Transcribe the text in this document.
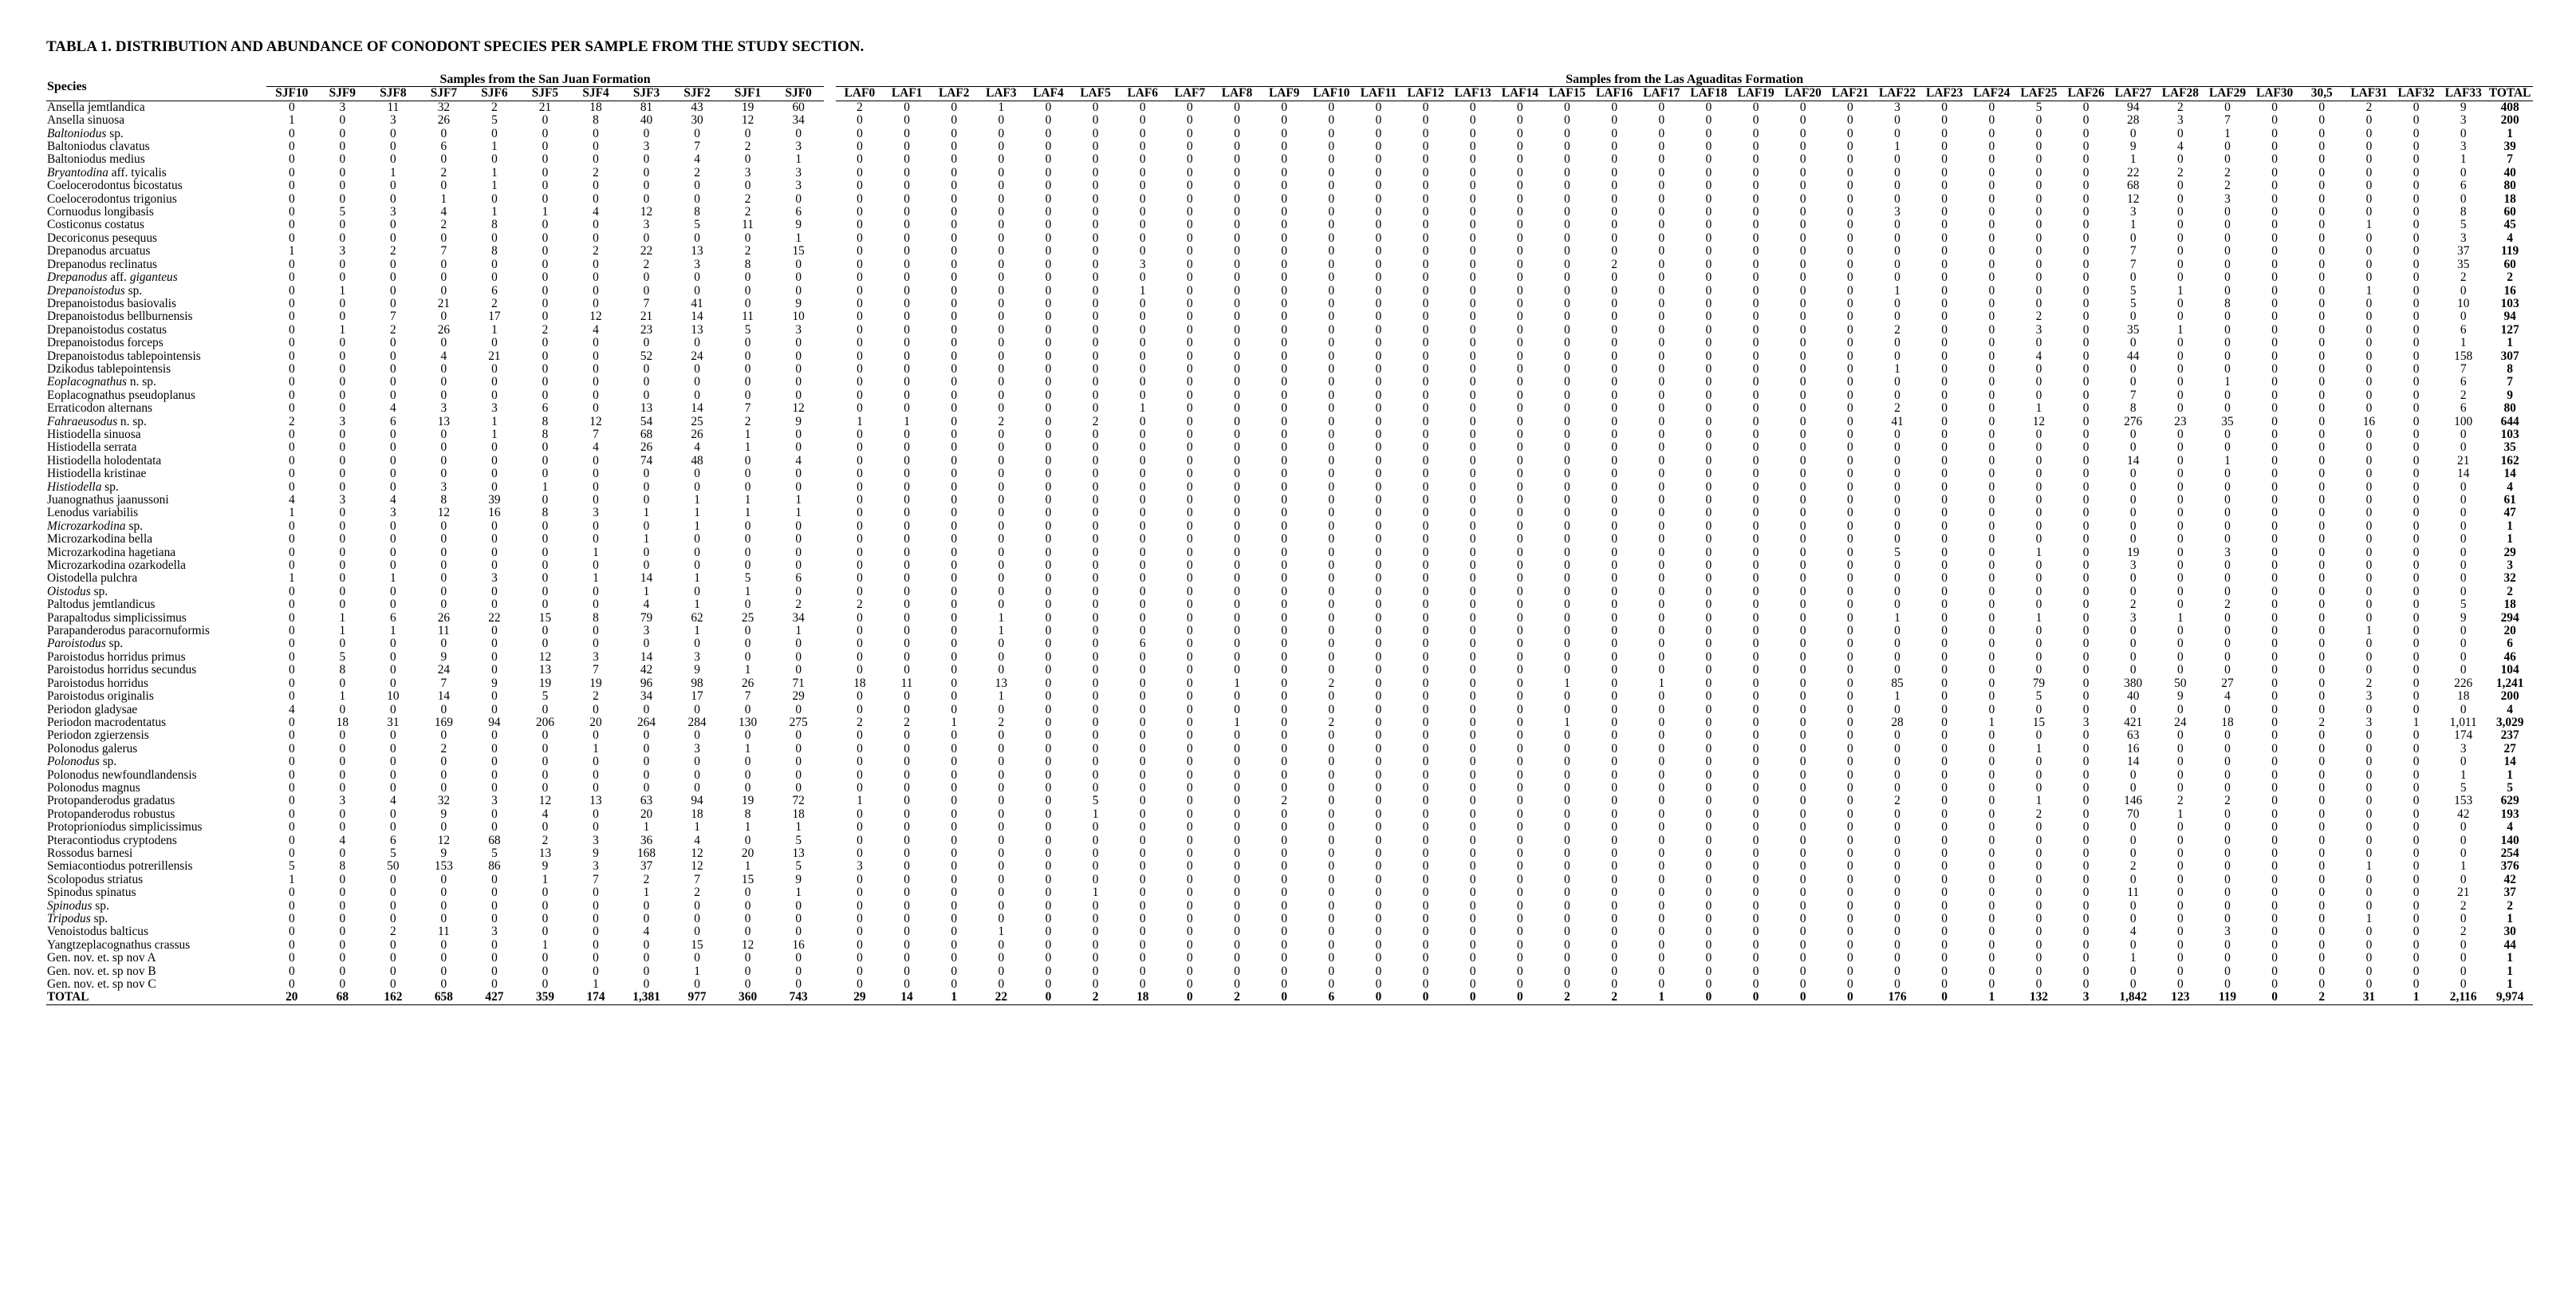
TABLA 1. DISTRIBUTION AND ABUNDANCE OF CONODONT SPECIES PER SAMPLE FROM THE STUDY SECTION.
Species	Samples from the San Juan Formation												Samples from the Las Aguaditas Formation																																			
	SJF10	SJF9	SJF8	SJF7	SJF6	SJF5	SJF4	SJF3	SJF2	SJF1	SJF0		LAF0	LAF1	LAF2	LAF3	LAF4	LAF5	LAF6	LAF7	LAF8	LAF9	LAF10	LAF11	LAF12	LAF13	LAF14	LAF15	LAF16	LAF17	LAF18	LAF19	LAF20	LAF21	LAF22	LAF23	LAF24	LAF25	LAF26	LAF27	LAF28	LAF29	LAF30	30,5	LAF31	LAF32	LAF33	TOTAL
Ansella jemtlandica	0	3	11	32	2	21	18	81	43	19	60		2	0	0	1	0	0	0	0	0	0	0	0	0	0	0	0	0	0	0	0	0	0	3	0	0	5	0	94	2	0	0	0	2	0	9	408
Ansella sinuosa	1	0	3	26	5	0	8	40	30	12	34		0	0	0	0	0	0	0	0	0	0	0	0	0	0	0	0	0	0	0	0	0	0	0	0	0	0	0	28	3	7	0	0	0	0	3	200
Baltoniodus sp.	0	0	0	0	0	0	0	0	0	0	0		0	0	0	0	0	0	0	0	0	0	0	0	0	0	0	0	0	0	0	0	0	0	0	0	0	0	0	0	0	1	0	0	0	0	0	1
Baltoniodus clavatus	0	0	0	6	1	0	0	3	7	2	3		0	0	0	0	0	0	0	0	0	0	0	0	0	0	0	0	0	0	0	0	0	0	1	0	0	0	0	9	4	0	0	0	0	0	3	39
Baltoniodus medius	0	0	0	0	0	0	0	0	4	0	1		0	0	0	0	0	0	0	0	0	0	0	0	0	0	0	0	0	0	0	0	0	0	0	0	0	0	0	1	0	0	0	0	0	0	1	7
Bryantodina aff. tyicalis	0	0	1	2	1	0	2	0	2	3	3		0	0	0	0	0	0	0	0	0	0	0	0	0	0	0	0	0	0	0	0	0	0	0	0	0	0	0	22	2	2	0	0	0	0	0	40
Coelocerodontus bicostatus	0	0	0	0	1	0	0	0	0	0	3		0	0	0	0	0	0	0	0	0	0	0	0	0	0	0	0	0	0	0	0	0	0	0	0	0	0	0	68	0	2	0	0	0	0	6	80
Coelocerodontus trigonius	0	0	0	1	0	0	0	0	0	2	0		0	0	0	0	0	0	0	0	0	0	0	0	0	0	0	0	0	0	0	0	0	0	0	0	0	0	0	12	0	3	0	0	0	0	0	18
Cornuodus longibasis	0	5	3	4	1	1	4	12	8	2	6		0	0	0	0	0	0	0	0	0	0	0	0	0	0	0	0	0	0	0	0	0	0	3	0	0	0	0	3	0	0	0	0	0	0	8	60
Costiconus costatus	0	0	0	2	8	0	0	3	5	11	9		0	0	0	0	0	0	0	0	0	0	0	0	0	0	0	0	0	0	0	0	0	0	0	0	0	0	0	1	0	0	0	0	1	0	5	45
Decoriconus pesequus	0	0	0	0	0	0	0	0	0	0	1		0	0	0	0	0	0	0	0	0	0	0	0	0	0	0	0	0	0	0	0	0	0	0	0	0	0	0	0	0	0	0	0	0	0	3	4
Drepanodus arcuatus	1	3	2	7	8	0	2	22	13	2	15		0	0	0	0	0	0	0	0	0	0	0	0	0	0	0	0	0	0	0	0	0	0	0	0	0	0	0	7	0	0	0	0	0	0	37	119
Drepanodus reclinatus	0	0	0	0	0	0	0	2	3	8	0		0	0	0	0	0	0	3	0	0	0	0	0	0	0	0	0	2	0	0	0	0	0	0	0	0	0	0	7	0	0	0	0	0	0	35	60
Drepanodus aff. giganteus	0	0	0	0	0	0	0	0	0	0	0		0	0	0	0	0	0	0	0	0	0	0	0	0	0	0	0	0	0	0	0	0	0	0	0	0	0	0	0	0	0	0	0	0	0	2	2
Drepanoistodus sp.	0	1	0	0	6	0	0	0	0	0	0		0	0	0	0	0	0	1	0	0	0	0	0	0	0	0	0	0	0	0	0	0	0	1	0	0	0	0	5	1	0	0	0	1	0	0	16
Drepanoistodus basiovalis	0	0	0	21	2	0	0	7	41	0	9		0	0	0	0	0	0	0	0	0	0	0	0	0	0	0	0	0	0	0	0	0	0	0	0	0	0	0	5	0	8	0	0	0	0	10	103
Drepanoistodus bellburnensis	0	0	7	0	17	0	12	21	14	11	10		0	0	0	0	0	0	0	0	0	0	0	0	0	0	0	0	0	0	0	0	0	0	0	0	0	2	0	0	0	0	0	0	0	0	0	94
Drepanoistodus costatus	0	1	2	26	1	2	4	23	13	5	3		0	0	0	0	0	0	0	0	0	0	0	0	0	0	0	0	0	0	0	0	0	0	2	0	0	3	0	35	1	0	0	0	0	0	6	127
Drepanoistodus forceps	0	0	0	0	0	0	0	0	0	0	0		0	0	0	0	0	0	0	0	0	0	0	0	0	0	0	0	0	0	0	0	0	0	0	0	0	0	0	0	0	0	0	0	0	0	1	1
Drepanoistodus tablepointensis	0	0	0	4	21	0	0	52	24	0	0		0	0	0	0	0	0	0	0	0	0	0	0	0	0	0	0	0	0	0	0	0	0	0	0	0	4	0	44	0	0	0	0	0	0	158	307
Dzikodus tablepointensis	0	0	0	0	0	0	0	0	0	0	0		0	0	0	0	0	0	0	0	0	0	0	0	0	0	0	0	0	0	0	0	0	0	1	0	0	0	0	0	0	0	0	0	0	0	7	8
Eoplacognathus n. sp.	0	0	0	0	0	0	0	0	0	0	0		0	0	0	0	0	0	0	0	0	0	0	0	0	0	0	0	0	0	0	0	0	0	0	0	0	0	0	0	0	1	0	0	0	0	6	7
Eoplacognathus pseudoplanus	0	0	0	0	0	0	0	0	0	0	0		0	0	0	0	0	0	0	0	0	0	0	0	0	0	0	0	0	0	0	0	0	0	0	0	0	0	0	7	0	0	0	0	0	0	2	9
Erraticodon alternans	0	0	4	3	3	6	0	13	14	7	12		0	0	0	0	0	0	1	0	0	0	0	0	0	0	0	0	0	0	0	0	0	0	2	0	0	1	0	8	0	0	0	0	0	0	6	80
Fahraeusodus n. sp.	2	3	6	13	1	8	12	54	25	2	9		1	1	0	2	0	2	0	0	0	0	0	0	0	0	0	0	0	0	0	0	0	0	41	0	0	12	0	276	23	35	0	0	16	0	100	644
Histiodella sinuosa	0	0	0	0	1	8	7	68	26	1	0		0	0	0	0	0	0	0	0	0	0	0	0	0	0	0	0	0	0	0	0	0	0	0	0	0	0	0	0	0	0	0	0	0	0	0	103
Histiodella serrata	0	0	0	0	0	0	4	26	4	1	0		0	0	0	0	0	0	0	0	0	0	0	0	0	0	0	0	0	0	0	0	0	0	0	0	0	0	0	0	0	0	0	0	0	0	0	35
Histiodella holodentata	0	0	0	0	0	0	0	74	48	0	4		0	0	0	0	0	0	0	0	0	0	0	0	0	0	0	0	0	0	0	0	0	0	0	0	0	0	0	14	0	1	0	0	0	0	21	162
Histiodella kristinae	0	0	0	0	0	0	0	0	0	0	0		0	0	0	0	0	0	0	0	0	0	0	0	0	0	0	0	0	0	0	0	0	0	0	0	0	0	0	0	0	0	0	0	0	0	14	14
Histiodella sp.	0	0	0	3	0	1	0	0	0	0	0		0	0	0	0	0	0	0	0	0	0	0	0	0	0	0	0	0	0	0	0	0	0	0	0	0	0	0	0	0	0	0	0	0	0	0	4
Juanognathus jaanussoni	4	3	4	8	39	0	0	0	1	1	1		0	0	0	0	0	0	0	0	0	0	0	0	0	0	0	0	0	0	0	0	0	0	0	0	0	0	0	0	0	0	0	0	0	0	0	61
Lenodus variabilis	1	0	3	12	16	8	3	1	1	1	1		0	0	0	0	0	0	0	0	0	0	0	0	0	0	0	0	0	0	0	0	0	0	0	0	0	0	0	0	0	0	0	0	0	0	0	47
Microzarkodina sp.	0	0	0	0	0	0	0	0	1	0	0		0	0	0	0	0	0	0	0	0	0	0	0	0	0	0	0	0	0	0	0	0	0	0	0	0	0	0	0	0	0	0	0	0	0	0	1
Microzarkodina bella	0	0	0	0	0	0	0	1	0	0	0		0	0	0	0	0	0	0	0	0	0	0	0	0	0	0	0	0	0	0	0	0	0	0	0	0	0	0	0	0	0	0	0	0	0	0	1
Microzarkodina hagetiana	0	0	0	0	0	0	1	0	0	0	0		0	0	0	0	0	0	0	0	0	0	0	0	0	0	0	0	0	0	0	0	0	0	5	0	0	1	0	19	0	3	0	0	0	0	0	29
Microzarkodina ozarkodella	0	0	0	0	0	0	0	0	0	0	0		0	0	0	0	0	0	0	0	0	0	0	0	0	0	0	0	0	0	0	0	0	0	0	0	0	0	0	3	0	0	0	0	0	0	0	3
Oistodella pulchra	1	0	1	0	3	0	1	14	1	5	6		0	0	0	0	0	0	0	0	0	0	0	0	0	0	0	0	0	0	0	0	0	0	0	0	0	0	0	0	0	0	0	0	0	0	0	32
Oistodus sp.	0	0	0	0	0	0	0	1	0	1	0		0	0	0	0	0	0	0	0	0	0	0	0	0	0	0	0	0	0	0	0	0	0	0	0	0	0	0	0	0	0	0	0	0	0	0	2
Paltodus jemtlandicus	0	0	0	0	0	0	0	4	1	0	2		2	0	0	0	0	0	0	0	0	0	0	0	0	0	0	0	0	0	0	0	0	0	0	0	0	0	0	2	0	2	0	0	0	0	5	18
Parapaltodus simplicissimus	0	1	6	26	22	15	8	79	62	25	34		0	0	0	1	0	0	0	0	0	0	0	0	0	0	0	0	0	0	0	0	0	0	1	0	0	1	0	3	1	0	0	0	0	0	9	294
Parapanderodus paracornuformis	0	1	1	11	0	0	0	3	1	0	1		0	0	0	1	0	0	0	0	0	0	0	0	0	0	0	0	0	0	0	0	0	0	0	0	0	0	0	0	0	0	0	0	1	0	0	20
Paroistodus sp.	0	0	0	0	0	0	0	0	0	0	0		0	0	0	0	0	0	6	0	0	0	0	0	0	0	0	0	0	0	0	0	0	0	0	0	0	0	0	0	0	0	0	0	0	0	0	6
Paroistodus horridus primus	0	5	0	9	0	12	3	14	3	0	0		0	0	0	0	0	0	0	0	0	0	0	0	0	0	0	0	0	0	0	0	0	0	0	0	0	0	0	0	0	0	0	0	0	0	0	46
Paroistodus horridus secundus	0	8	0	24	0	13	7	42	9	1	0		0	0	0	0	0	0	0	0	0	0	0	0	0	0	0	0	0	0	0	0	0	0	0	0	0	0	0	0	0	0	0	0	0	0	0	104
Paroistodus horridus	0	0	0	7	9	19	19	96	98	26	71		18	11	0	13	0	0	0	0	1	0	2	0	0	0	0	1	0	1	0	0	0	0	85	0	0	79	0	380	50	27	0	0	2	0	226	1,241
Paroistodus originalis	0	1	10	14	0	5	2	34	17	7	29		0	0	0	1	0	0	0	0	0	0	0	0	0	0	0	0	0	0	0	0	0	0	1	0	0	5	0	40	9	4	0	0	3	0	18	200
Periodon gladysae	4	0	0	0	0	0	0	0	0	0	0		0	0	0	0	0	0	0	0	0	0	0	0	0	0	0	0	0	0	0	0	0	0	0	0	0	0	0	0	0	0	0	0	0	0	0	4
Periodon macrodentatus	0	18	31	169	94	206	20	264	284	130	275		2	2	1	2	0	0	0	0	1	0	2	0	0	0	0	1	0	0	0	0	0	0	28	0	1	15	3	421	24	18	0	2	3	1	1,011	3,029
Periodon zgierzensis	0	0	0	0	0	0	0	0	0	0	0		0	0	0	0	0	0	0	0	0	0	0	0	0	0	0	0	0	0	0	0	0	0	0	0	0	0	0	63	0	0	0	0	0	0	174	237
Polonodus galerus	0	0	0	2	0	0	1	0	3	1	0		0	0	0	0	0	0	0	0	0	0	0	0	0	0	0	0	0	0	0	0	0	0	0	0	0	1	0	16	0	0	0	0	0	0	3	27
Polonodus sp.	0	0	0	0	0	0	0	0	0	0	0		0	0	0	0	0	0	0	0	0	0	0	0	0	0	0	0	0	0	0	0	0	0	0	0	0	0	0	14	0	0	0	0	0	0	0	14
Polonodus newfoundlandensis	0	0	0	0	0	0	0	0	0	0	0		0	0	0	0	0	0	0	0	0	0	0	0	0	0	0	0	0	0	0	0	0	0	0	0	0	0	0	0	0	0	0	0	0	0	1	1
Polonodus magnus	0	0	0	0	0	0	0	0	0	0	0		0	0	0	0	0	0	0	0	0	0	0	0	0	0	0	0	0	0	0	0	0	0	0	0	0	0	0	0	0	0	0	0	0	0	5	5
Protopanderodus gradatus	0	3	4	32	3	12	13	63	94	19	72		1	0	0	0	0	5	0	0	0	2	0	0	0	0	0	0	0	0	0	0	0	0	2	0	0	1	0	146	2	2	0	0	0	0	153	629
Protopanderodus robustus	0	0	0	9	0	4	0	20	18	8	18		0	0	0	0	0	1	0	0	0	0	0	0	0	0	0	0	0	0	0	0	0	0	0	0	0	2	0	70	1	0	0	0	0	0	42	193
Protoprioniodus simplicissimus	0	0	0	0	0	0	0	1	1	1	1		0	0	0	0	0	0	0	0	0	0	0	0	0	0	0	0	0	0	0	0	0	0	0	0	0	0	0	0	0	0	0	0	0	0	0	4
Pteracontiodus cryptodens	0	4	6	12	68	2	3	36	4	0	5		0	0	0	0	0	0	0	0	0	0	0	0	0	0	0	0	0	0	0	0	0	0	0	0	0	0	0	0	0	0	0	0	0	0	0	140
Rossodus barnesi	0	0	5	9	5	13	9	168	12	20	13		0	0	0	0	0	0	0	0	0	0	0	0	0	0	0	0	0	0	0	0	0	0	0	0	0	0	0	0	0	0	0	0	0	0	0	254
Semiacontiodus potrerillensis	5	8	50	153	86	9	3	37	12	1	5		3	0	0	0	0	0	0	0	0	0	0	0	0	0	0	0	0	0	0	0	0	0	0	0	0	0	0	2	0	0	0	0	1	0	1	376
Scolopodus striatus	1	0	0	0	0	1	7	2	7	15	9		0	0	0	0	0	0	0	0	0	0	0	0	0	0	0	0	0	0	0	0	0	0	0	0	0	0	0	0	0	0	0	0	0	0	0	42
Spinodus spinatus	0	0	0	0	0	0	0	1	2	0	1		0	0	0	0	0	1	0	0	0	0	0	0	0	0	0	0	0	0	0	0	0	0	0	0	0	0	0	11	0	0	0	0	0	0	21	37
Spinodus sp.	0	0	0	0	0	0	0	0	0	0	0		0	0	0	0	0	0	0	0	0	0	0	0	0	0	0	0	0	0	0	0	0	0	0	0	0	0	0	0	0	0	0	0	0	0	2	2
Tripodus sp.	0	0	0	0	0	0	0	0	0	0	0		0	0	0	0	0	0	0	0	0	0	0	0	0	0	0	0	0	0	0	0	0	0	0	0	0	0	0	0	0	0	0	0	1	0	0	1
Venoistodus balticus	0	0	2	11	3	0	0	4	0	0	0		0	0	0	1	0	0	0	0	0	0	0	0	0	0	0	0	0	0	0	0	0	0	0	0	0	0	0	4	0	3	0	0	0	0	2	30
Yangtzeplacognathus crassus	0	0	0	0	0	1	0	0	15	12	16		0	0	0	0	0	0	0	0	0	0	0	0	0	0	0	0	0	0	0	0	0	0	0	0	0	0	0	0	0	0	0	0	0	0	0	44
Gen. nov. et. sp nov A	0	0	0	0	0	0	0	0	0	0	0		0	0	0	0	0	0	0	0	0	0	0	0	0	0	0	0	0	0	0	0	0	0	0	0	0	0	0	1	0	0	0	0	0	0	0	1
Gen. nov. et. sp nov B	0	0	0	0	0	0	0	0	1	0	0		0	0	0	0	0	0	0	0	0	0	0	0	0	0	0	0	0	0	0	0	0	0	0	0	0	0	0	0	0	0	0	0	0	0	0	1
Gen. nov. et. sp nov C	0	0	0	0	0	0	1	0	0	0	0		0	0	0	0	0	0	0	0	0	0	0	0	0	0	0	0	0	0	0	0	0	0	0	0	0	0	0	0	0	0	0	0	0	0	0	1
TOTAL	20	68	162	658	427	359	174	1,381	977	360	743		29	14	1	22	0	2	18	0	2	0	6	0	0	0	0	2	2	1	0	0	0	0	176	0	1	132	3	1,842	123	119	0	2	31	1	2,116	9,974
